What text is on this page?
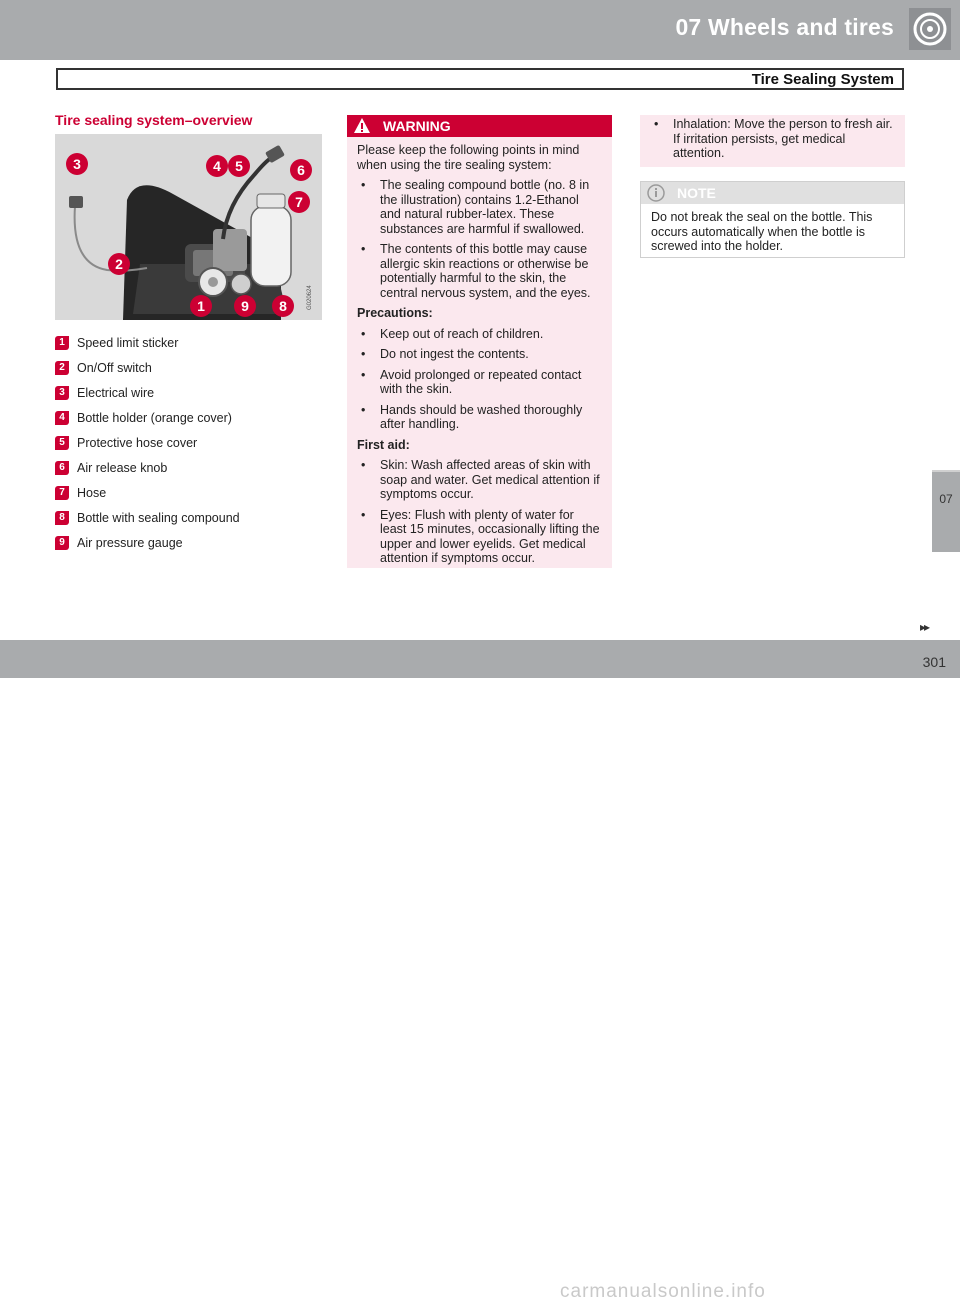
07 Wheels and tires
Tire Sealing System
07
Tire sealing system–overview
3	4 5	6
7
2
1	9 8	G020624
1 Speed limit sticker
2 On/Off switch
3 Electrical wire
4 Bottle holder (orange cover)
5 Protective hose cover
6 Air release knob
7 Hose
8 Bottle with sealing compound
9 Air pressure gauge
WARNING

Please keep the following points in mind when using the tire sealing system:

• The sealing compound bottle (no. 8 in the illustration) contains 1.2-Ethanol and natural rubber-latex. These substances are harmful if swallowed.
• The contents of this bottle may cause allergic skin reactions or otherwise be potentially harmful to the skin, the central nervous system, and the eyes.
Precautions:
• Keep out of reach of children.
• Do not ingest the contents.
• Avoid prolonged or repeated contact with the skin.
• Hands should be washed thoroughly after handling.
First aid:
• Skin: Wash affected areas of skin with soap and water. Get medical attention if symptoms occur.
• Eyes: Flush with plenty of water for least 15 minutes, occasionally lifting the upper and lower eyelids. Get medical attention if symptoms occur.
• Inhalation: Move the person to fresh air. If irritation persists, get medical attention.
NOTE

Do not break the seal on the bottle. This occurs automatically when the bottle is screwed into the holder.

carmanualsonline.info
301
▸▸
